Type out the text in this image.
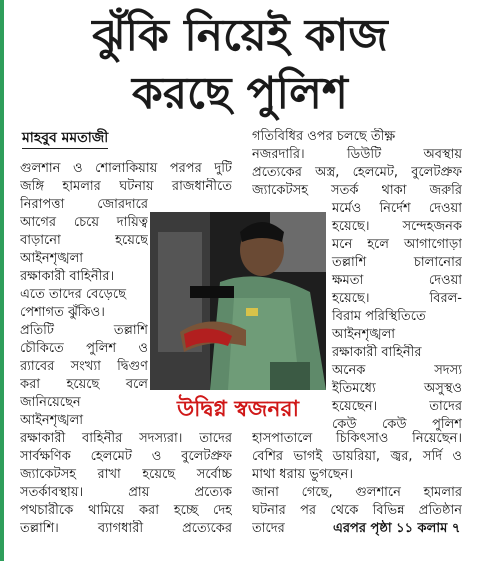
ঝুঁকি নিয়েই কাজ
করছে পুলিশ
মাহবুব মমতাজী

গুলশান ও শোলাকিয়ায় পরপর দুটি

জঙ্গি হামলার ঘটনায় রাজধানীতে

নিরাপত্তা জোরদারে

আগের চেয়ে দায়িত্ব

বাড়ানো হয়েছে

আইনশৃঙ্খলা

রক্ষাকারী বাহিনীর।

এতে তাদের বেড়েছে

পেশাগত ঝুঁকিও।

প্রতিটি তল্লাশি

চৌকিতে পুলিশ ও

র‍্যাবের সংখ্যা দ্বিগুণ

করা হয়েছে বলে

জানিয়েছেন

আইনশৃঙ্খলা

গতিবিধির ওপর চলছে তীক্ষ্ণ

নজরদারি। ডিউটি অবস্থায়

প্রত্যেকের অস্ত্র, হেলমেট, বুলেটপ্রুফ

জ্যাকেটসহ সতর্ক থাকা জরুরি

মর্মেও নির্দেশ দেওয়া

হয়েছে। সন্দেহজনক

মনে হলে আগাগোড়া

তল্লাশি চালানোর

ক্ষমতা দেওয়া

হয়েছে। বিরল-

বিরাম পরিস্থিতিতে

আইনশৃঙ্খলা

রক্ষাকারী বাহিনীর

অনেক সদস্য

ইতিমধ্যে অসুস্থও

হয়েছেন। তাদের

কেউ কেউ পুলিশ

উদ্বিগ্ন স্বজনরা

রক্ষাকারী বাহিনীর সদস্যরা। তাদের

সার্বক্ষণিক হেলমেট ও বুলেটপ্রুফ

জ্যাকেটসহ রাখা হয়েছে সর্বোচ্চ

সতর্কাবস্থায়। প্রায় প্রত্যেক

পথচারীকে থামিয়ে করা হচ্ছে দেহ

তল্লাশি। ব্যাগধারী প্রত্যেকের

হাসপাতালে চিকিৎসাও নিয়েছেন।

বেশির ভাগই ডায়রিয়া, জ্বর, সর্দি ও

মাথা ধরায় ভুগছেন।

জানা গেছে, গুলশানে হামলার

ঘটনার পর থেকে বিভিন্ন প্রতিষ্ঠান

তাদের	এরপর পৃষ্ঠা ১১ কলাম ৭
